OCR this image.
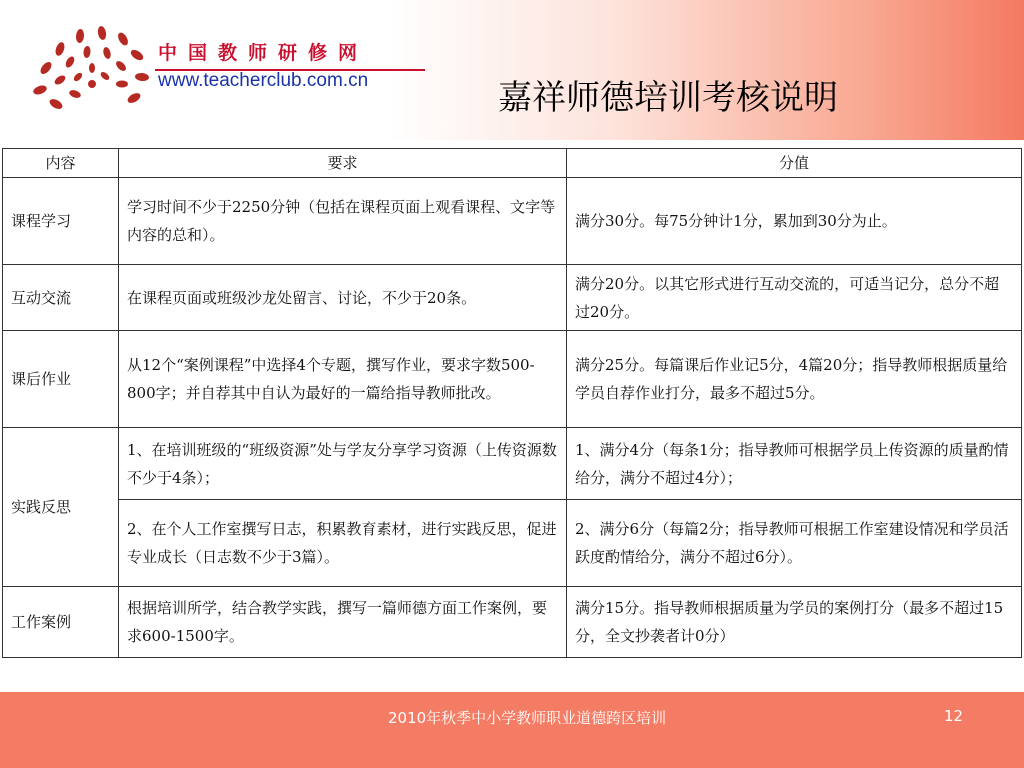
中国教师研修网
www.teacherclub.com.cn	嘉祥师德培训考核说明
内容	要求	分值
课程学习	学习时间不少于2250分钟（包括在课程页面上观看课程、文字等内容的总和）。	满分30分。每75分钟计1分，累加到30分为止。
互动交流	在课程页面或班级沙龙处留言、讨论，不少于20条。	满分20分。以其它形式进行互动交流的，可适当记分，总分不超过20分。
课后作业	从12个“案例课程”中选择4个专题，撰写作业，要求字数500-800字；并自荐其中自认为最好的一篇给指导教师批改。	满分25分。每篇课后作业记5分，4篇20分；指导教师根据质量给学员自荐作业打分，最多不超过5分。
实践反思	1、在培训班级的“班级资源”处与学友分享学习资源（上传资源数不少于4条）；	1、满分4分（每条1分；指导教师可根据学员上传资源的质量酌情给分，满分不超过4分）；
	2、在个人工作室撰写日志，积累教育素材，进行实践反思，促进专业成长（日志数不少于3篇）。	2、满分6分（每篇2分；指导教师可根据工作室建设情况和学员活跃度酌情给分，满分不超过6分）。
工作案例	根据培训所学，结合教学实践，撰写一篇师德方面工作案例，要求600-1500字。	满分15分。指导教师根据质量为学员的案例打分（最多不超过15分，全文抄袭者计0分）
2010年秋季中小学教师职业道德跨区培训	12
